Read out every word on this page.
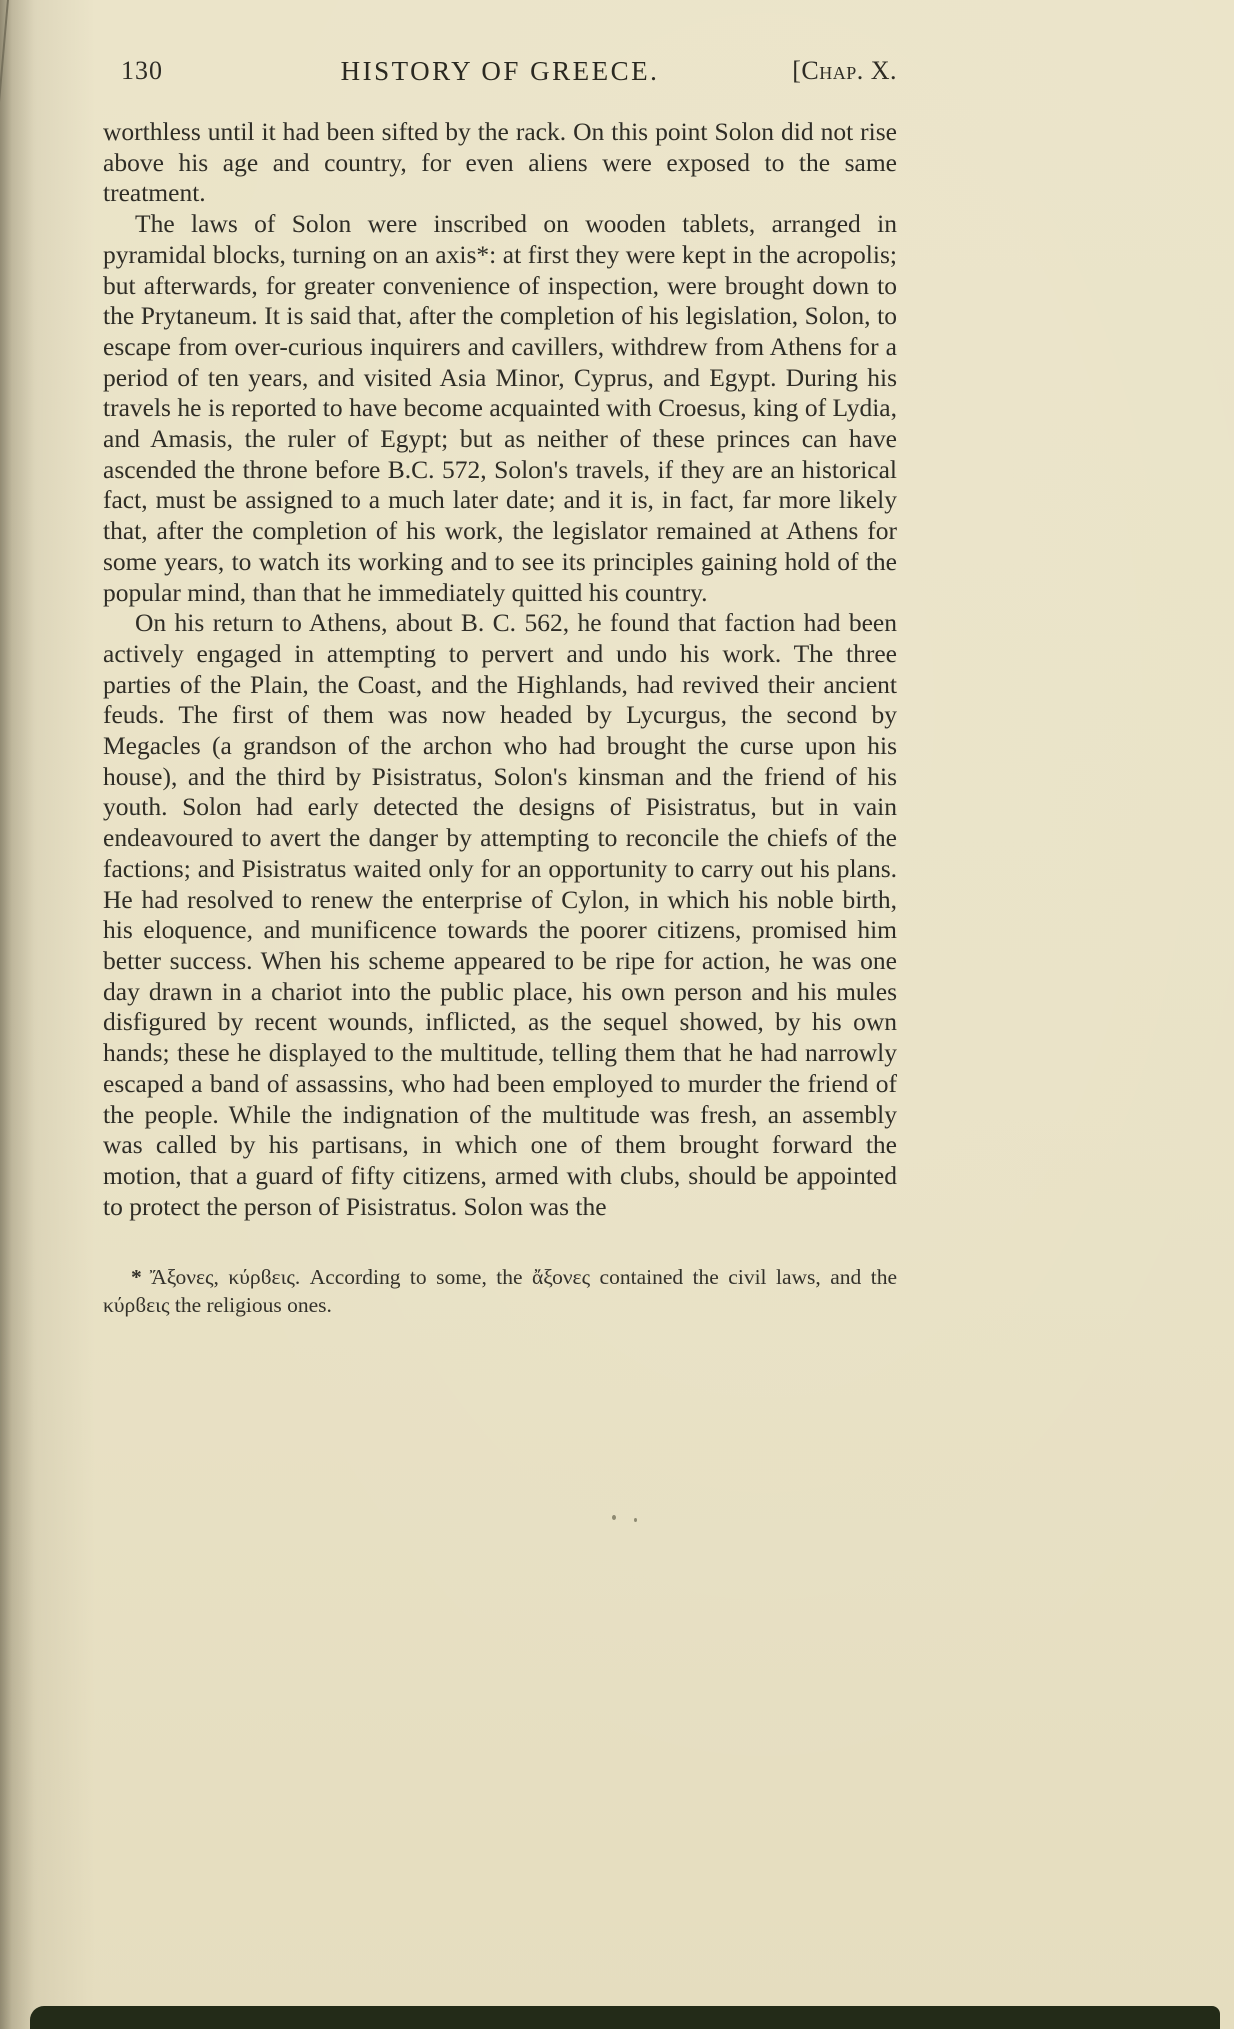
130	HISTORY OF GREECE.	[Chap. X.

worthless until it had been sifted by the rack. On this point Solon did not rise above his age and country, for even aliens were exposed to the same treatment.

The laws of Solon were inscribed on wooden tablets, arranged in pyramidal blocks, turning on an axis*: at first they were kept in the acropolis; but afterwards, for greater convenience of inspection, were brought down to the Prytaneum. It is said that, after the completion of his legislation, Solon, to escape from over-curious inquirers and cavillers, withdrew from Athens for a period of ten years, and visited Asia Minor, Cyprus, and Egypt. During his travels he is reported to have become acquainted with Croesus, king of Lydia, and Amasis, the ruler of Egypt; but as neither of these princes can have ascended the throne before B.C. 572, Solon's travels, if they are an historical fact, must be assigned to a much later date; and it is, in fact, far more likely that, after the completion of his work, the legislator remained at Athens for some years, to watch its working and to see its principles gaining hold of the popular mind, than that he immediately quitted his country.

On his return to Athens, about B. C. 562, he found that faction had been actively engaged in attempting to pervert and undo his work. The three parties of the Plain, the Coast, and the Highlands, had revived their ancient feuds. The first of them was now headed by Lycurgus, the second by Megacles (a grandson of the archon who had brought the curse upon his house), and the third by Pisistratus, Solon's kinsman and the friend of his youth. Solon had early detected the designs of Pisistratus, but in vain endeavoured to avert the danger by attempting to reconcile the chiefs of the factions; and Pisistratus waited only for an opportunity to carry out his plans. He had resolved to renew the enterprise of Cylon, in which his noble birth, his eloquence, and munificence towards the poorer citizens, promised him better success. When his scheme appeared to be ripe for action, he was one day drawn in a chariot into the public place, his own person and his mules disfigured by recent wounds, inflicted, as the sequel showed, by his own hands; these he displayed to the multitude, telling them that he had narrowly escaped a band of assassins, who had been employed to murder the friend of the people. While the indignation of the multitude was fresh, an assembly was called by his partisans, in which one of them brought forward the motion, that a guard of fifty citizens, armed with clubs, should be appointed to protect the person of Pisistratus. Solon was the

* Ἄξονες, κύρϐεις. According to some, the ἄξονες contained the civil laws, and the κύρϐεις the religious ones.
